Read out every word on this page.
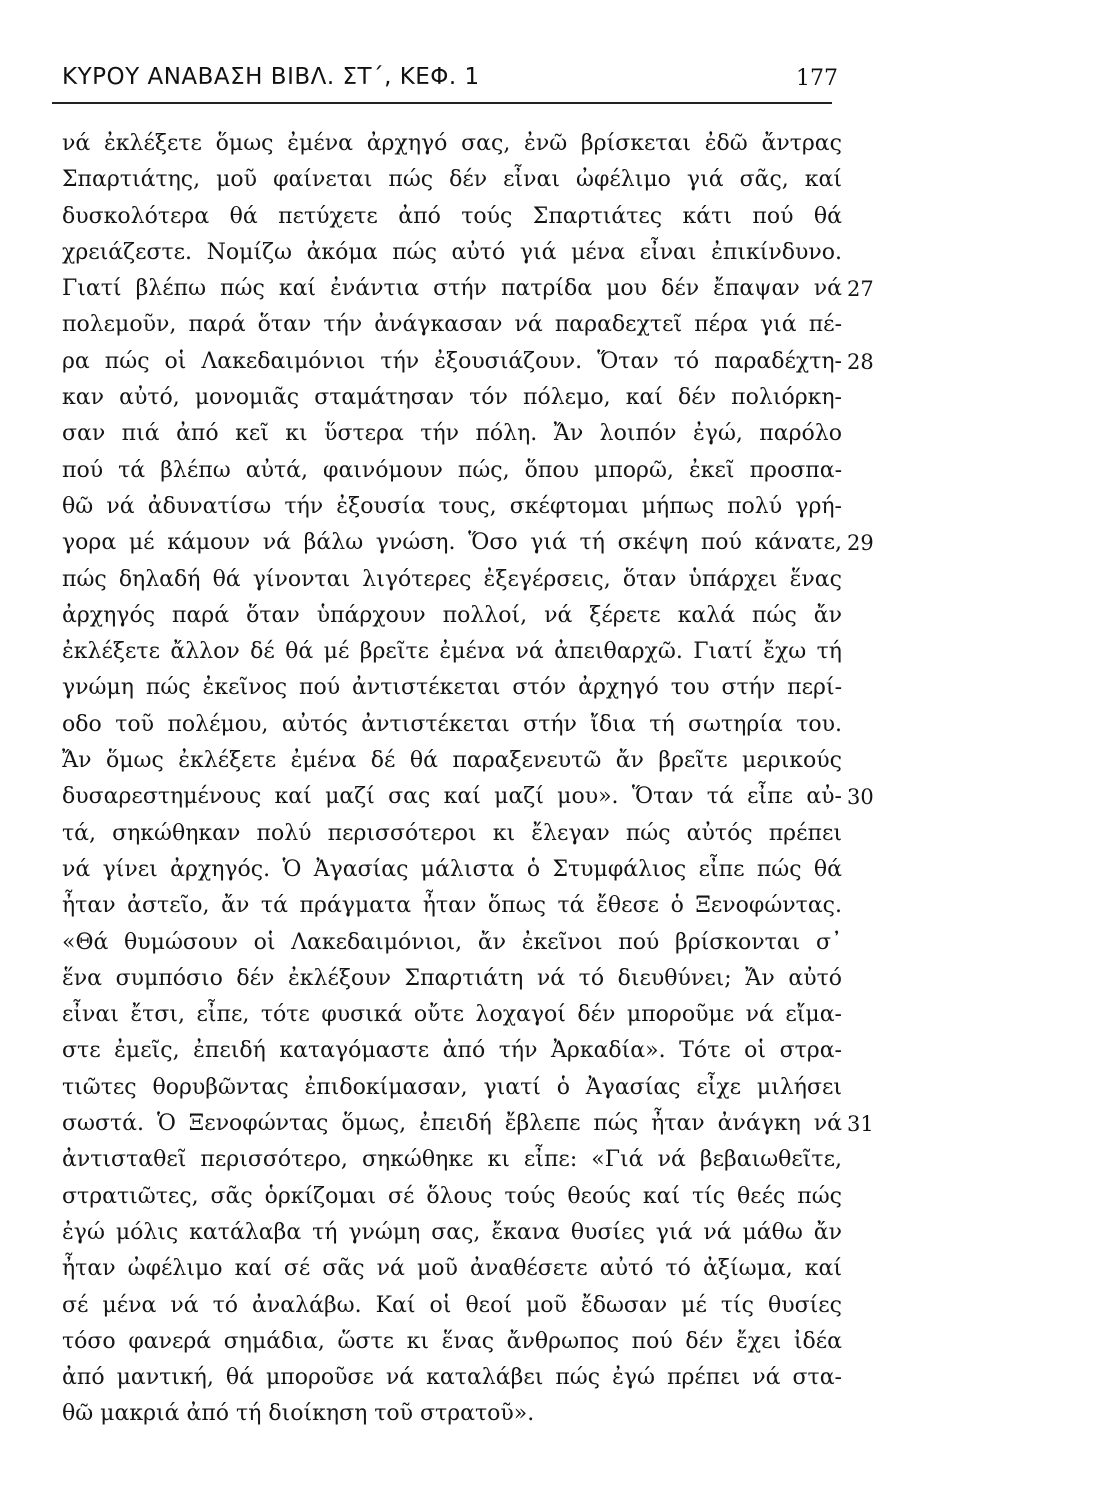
ΚΥΡΟΥ ΑΝΑΒΑΣΗ ΒΙΒΛ. ΣΤ΄, ΚΕΦ. 1	177
νά ἐκλέξετε ὅμως ἐμένα ἀρχηγό σας, ἐνῶ βρίσκεται ἐδῶ ἄντρας
Σπαρτιάτης, μοῦ φαίνεται πώς δέν εἶναι ὠφέλιμο γιά σᾶς, καί
δυσκολότερα θά πετύχετε ἀπό τούς Σπαρτιάτες κάτι πού θά
χρειάζεστε. Νομίζω ἀκόμα πώς αὐτό γιά μένα εἶναι ἐπικίνδυνο.
Γιατί βλέπω πώς καί ἐνάντια στήν πατρίδα μου δέν ἔπαψαν νά 27
πολεμοῦν, παρά ὅταν τήν ἀνάγκασαν νά παραδεχτεῖ πέρα γιά πέ-
ρα πώς οἱ Λακεδαιμόνιοι τήν ἐξουσιάζουν. Ὅταν τό παραδέχτη- 28
καν αὐτό, μονομιᾶς σταμάτησαν τόν πόλεμο, καί δέν πολιόρκη-
σαν πιά ἀπό κεῖ κι ὕστερα τήν πόλη. Ἄν λοιπόν ἐγώ, παρόλο
πού τά βλέπω αὐτά, φαινόμουν πώς, ὅπου μπορῶ, ἐκεῖ προσπα-
θῶ νά ἀδυνατίσω τήν ἐξουσία τους, σκέφτομαι μήπως πολύ γρή-
γορα μέ κάμουν νά βάλω γνώση. Ὅσο γιά τή σκέψη πού κάνατε, 29
πώς δηλαδή θά γίνονται λιγότερες ἐξεγέρσεις, ὅταν ὑπάρχει ἕνας
ἀρχηγός παρά ὅταν ὑπάρχουν πολλοί, νά ξέρετε καλά πώς ἄν
ἐκλέξετε ἄλλον δέ θά μέ βρεῖτε ἐμένα νά ἀπειθαρχῶ. Γιατί ἔχω τή
γνώμη πώς ἐκεῖνος πού ἀντιστέκεται στόν ἀρχηγό του στήν περί-
οδο τοῦ πολέμου, αὐτός ἀντιστέκεται στήν ἴδια τή σωτηρία του.
Ἄν ὅμως ἐκλέξετε ἐμένα δέ θά παραξενευτῶ ἄν βρεῖτε μερικούς
δυσαρεστημένους καί μαζί σας καί μαζί μου». Ὅταν τά εἶπε αὐ- 30
τά, σηκώθηκαν πολύ περισσότεροι κι ἔλεγαν πώς αὐτός πρέπει
νά γίνει ἀρχηγός. Ὁ Ἀγασίας μάλιστα ὁ Στυμφάλιος εἶπε πώς θά
ἦταν ἀστεῖο, ἄν τά πράγματα ἦταν ὅπως τά ἔθεσε ὁ Ξενοφώντας.
«Θά θυμώσουν οἱ Λακεδαιμόνιοι, ἄν ἐκεῖνοι πού βρίσκονται σ᾿
ἕνα συμπόσιο δέν ἐκλέξουν Σπαρτιάτη νά τό διευθύνει; Ἄν αὐτό
εἶναι ἔτσι, εἶπε, τότε φυσικά οὔτε λοχαγοί δέν μποροῦμε νά εἴμα-
στε ἐμεῖς, ἐπειδή καταγόμαστε ἀπό τήν Ἀρκαδία». Τότε οἱ στρα-
τιῶτες θορυβῶντας ἐπιδοκίμασαν, γιατί ὁ Ἀγασίας εἶχε μιλήσει
σωστά. Ὁ Ξενοφώντας ὅμως, ἐπειδή ἔβλεπε πώς ἦταν ἀνάγκη νά 31
ἀντισταθεῖ περισσότερο, σηκώθηκε κι εἶπε: «Γιά νά βεβαιωθεῖτε,
στρατιῶτες, σᾶς ὁρκίζομαι σέ ὅλους τούς θεούς καί τίς θεές πώς
ἐγώ μόλις κατάλαβα τή γνώμη σας, ἔκανα θυσίες γιά νά μάθω ἄν
ἦταν ὠφέλιμο καί σέ σᾶς νά μοῦ ἀναθέσετε αὐτό τό ἀξίωμα, καί
σέ μένα νά τό ἀναλάβω. Καί οἱ θεοί μοῦ ἔδωσαν μέ τίς θυσίες
τόσο φανερά σημάδια, ὥστε κι ἕνας ἄνθρωπος πού δέν ἔχει ἰδέα
ἀπό μαντική, θά μποροῦσε νά καταλάβει πώς ἐγώ πρέπει νά στα-
θῶ μακριά ἀπό τή διοίκηση τοῦ στρατοῦ».
